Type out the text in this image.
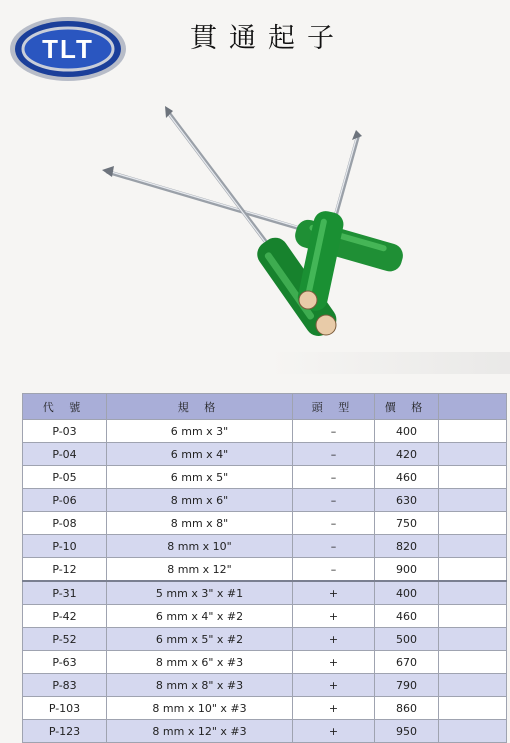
TLT	貫通起子
代 號	規 格	頭 型	價 格	
P-03	6 mm x 3"	–	400	
P-04	6 mm x 4"	–	420	
P-05	6 mm x 5"	–	460	
P-06	8 mm x 6"	–	630	
P-08	8 mm x 8"	–	750	
P-10	8 mm x 10"	–	820	
P-12	8 mm x 12"	–	900	
P-31	5 mm x 3" x #1	+	400	
P-42	6 mm x 4" x #2	+	460	
P-52	6 mm x 5" x #2	+	500	
P-63	8 mm x 6" x #3	+	670	
P-83	8 mm x 8" x #3	+	790	
P-103	8 mm x 10" x #3	+	860	
P-123	8 mm x 12" x #3	+	950	
